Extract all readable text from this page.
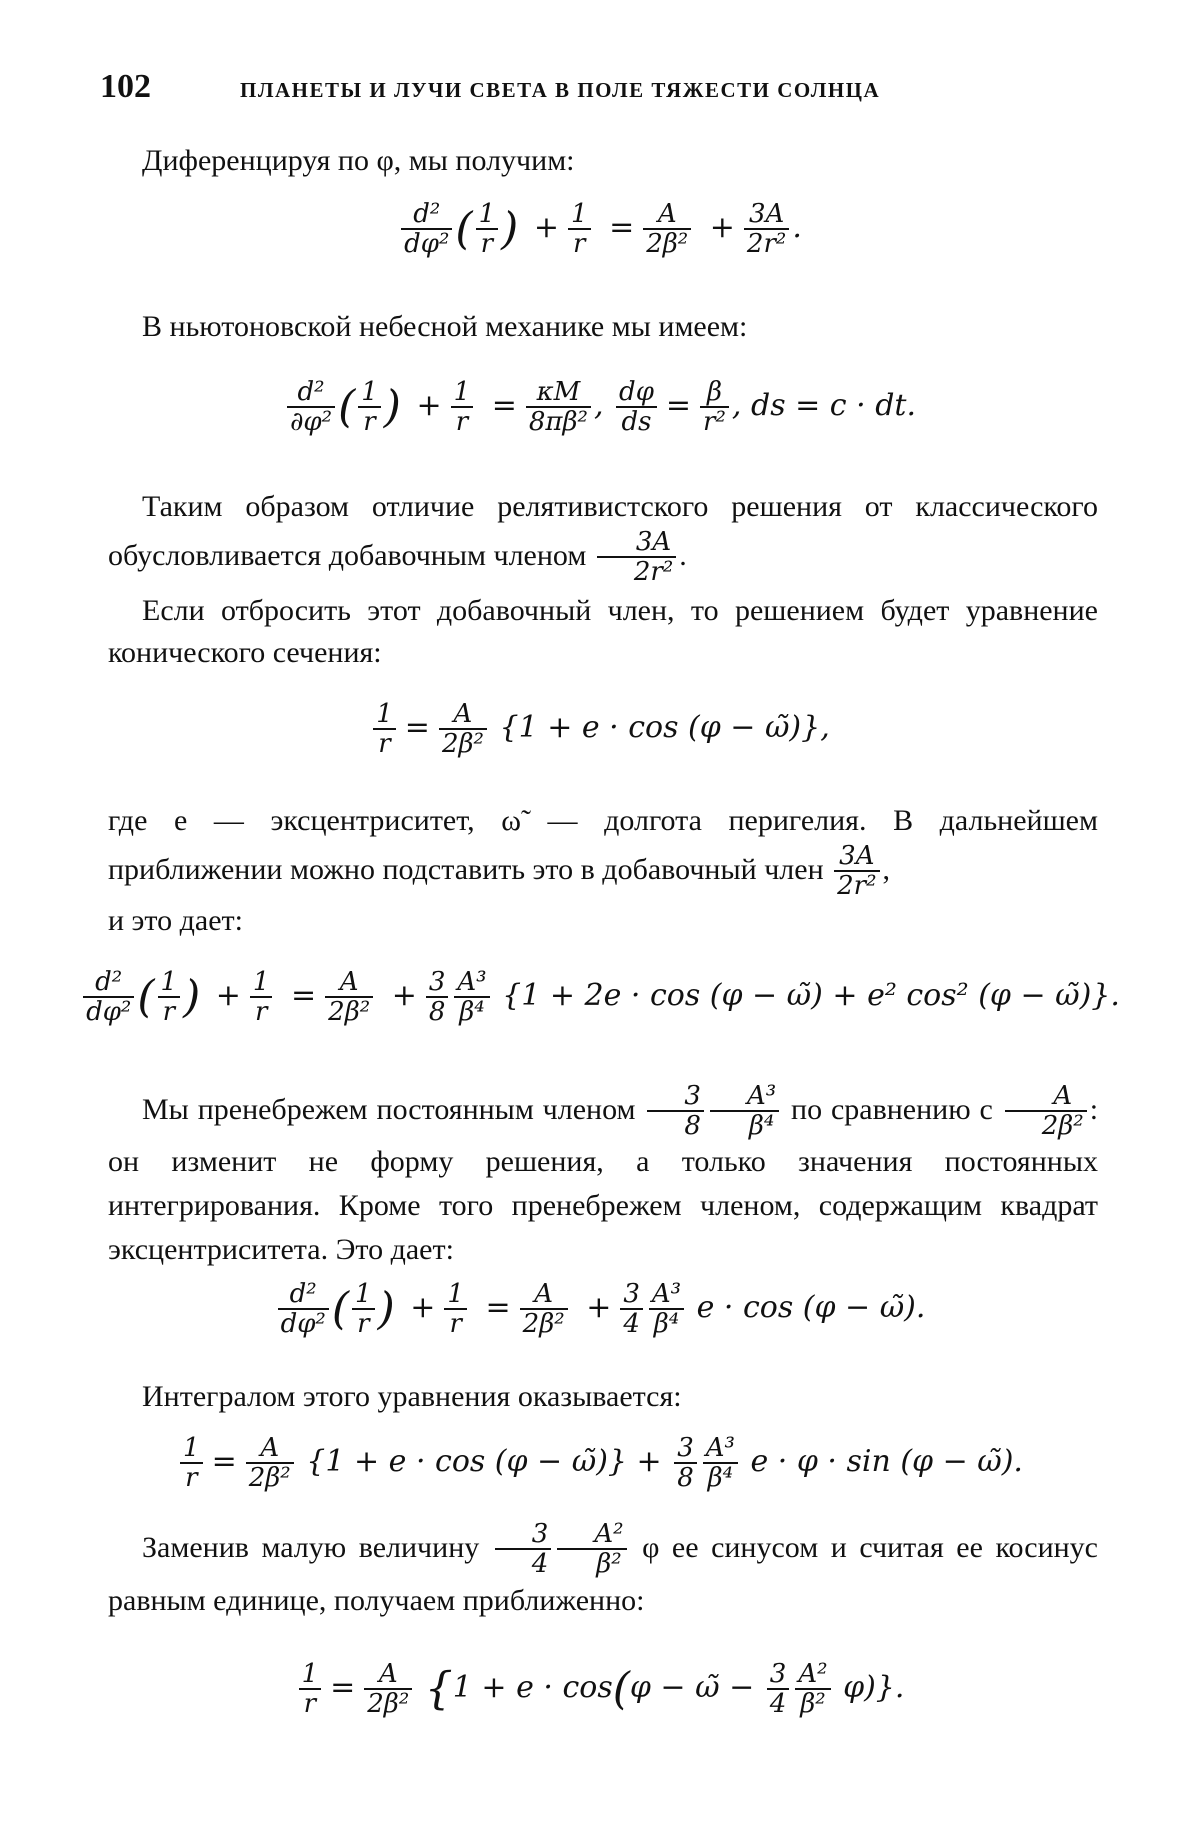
102	ПЛАНЕТЫ И ЛУЧИ СВЕТА В ПОЛЕ ТЯЖЕСТИ СОЛНЦА
Диференцируя по φ, мы получим:
$\frac{\text{d²}}{\text{dφ²}}$ ( $\frac{1}{r}$ ) + $\frac{1}{r} = \frac{A}{\text{2β²}} + \frac{3A}{\text{2r²}}$ .
В ньютоновской небесной механике мы имеем:
$\frac{\text{d²}}{\text{∂φ²}}$ ( $\frac{1}{r}$ ) + $\frac{1}{r} = \frac{\kappa M}{\text{8πβ²}}$ , $\frac{d\varphi}{ds} = \frac{\beta}{\text{r²}}$ , ds = c · dt.
Таким образом отличие релятивистского решения от классического обусловливается добавочным членом $\frac{3A}{\text{2r²}}$ .
Если отбросить этот добавочный член, то решением будет уравнение конического сечения:
$\frac{1}{r} = \frac{A}{\text{2β²}} \{1 + e \cdot \cos (\varphi$ − ω̃)},
где e — эксцентриситет, ω̃ — долгота перигелия. В дальнейшем приближении можно подставить это в добавочный член $\frac{3A}{\text{2r²}}$ ,
и это дает:
$\frac{\text{d²}}{\text{dφ²}}$ ( $\frac{1}{r}$ ) + $\frac{1}{r} = \frac{A}{\text{2β²}} + \frac{3}{8} \frac{\text{A³}}{\text{β⁴}} \{1 + 2e \cdot \cos (\varphi$ − ω̃) + e² cos² (φ − ω̃)}.
Мы пренебрежем постоянным членом $\frac{3}{8} \frac{\text{A³}}{\text{β⁴}}$ по сравнению с $\frac{A}{\text{2β²}}$ : он изменит не форму решения, а только значения постоянных интегрирования. Кроме того пренебрежем членом, содержащим квадрат эксцентриситета. Это дает:
$\frac{\text{d²}}{\text{dφ²}}$ ( $\frac{1}{r}$ ) + $\frac{1}{r} = \frac{A}{\text{2β²}} + \frac{3}{4} \frac{\text{A³}}{\text{β⁴}}$ e · cos (φ − ω̃).
Интегралом этого уравнения оказывается:
$\frac{1}{r} = \frac{A}{\text{2β²}} \{1 + e \cdot \cos (\varphi$ − ω̃)} + $\frac{3}{8} \frac{\text{A³}}{\text{β⁴}}$ e · φ · sin (φ − ω̃).
Заменив малую величину $\frac{3}{4} \frac{\text{A²}}{\text{β²}}$ φ ее синусом и считая ее косинус равным единице, получаем приближенно:
$\frac{1}{r} = \frac{A}{\text{2β²}} \{1 + e \cdot \cos(\varphi$ − ω̃ − $\frac{3}{4} \frac{\text{A²}}{\text{β²}} \varphi$)}.
